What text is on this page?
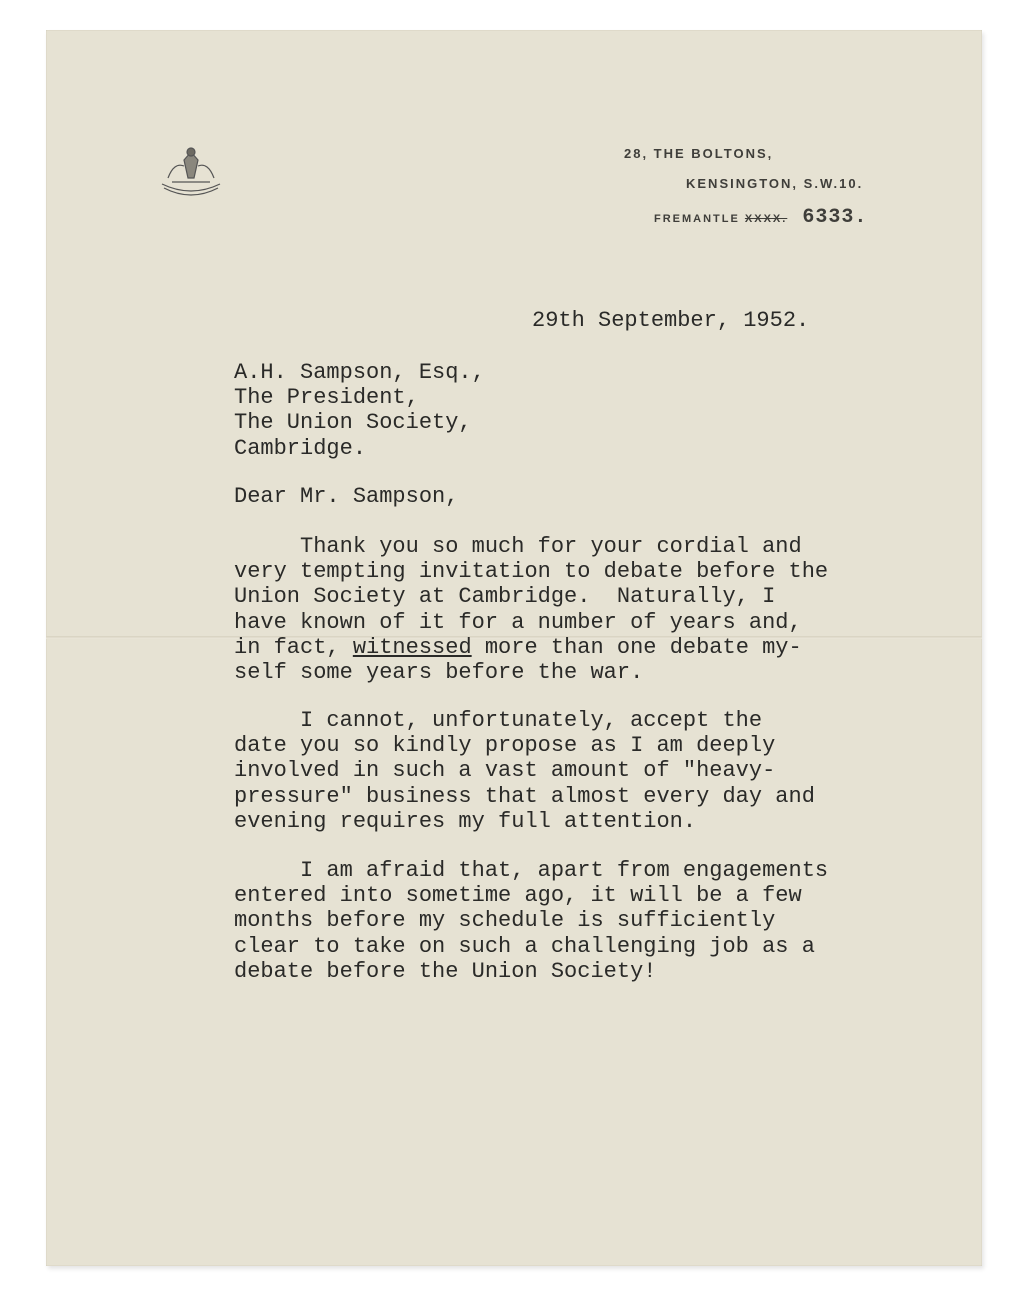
28, THE BOLTONS,
KENSINGTON, S.W.10.
FREMANTLE XXXX. 6333.
29th September, 1952.
A.H. Sampson, Esq.,
The President,
The Union Society,
Cambridge.
Dear Mr. Sampson,
Thank you so much for your cordial and
very tempting invitation to debate before the
Union Society at Cambridge.  Naturally, I
have known of it for a number of years and,
in fact, witnessed more than one debate my-
self some years before the war.
I cannot, unfortunately, accept the
date you so kindly propose as I am deeply
involved in such a vast amount of "heavy-
pressure" business that almost every day and
evening requires my full attention.
I am afraid that, apart from engagements
entered into sometime ago, it will be a few
months before my schedule is sufficiently
clear to take on such a challenging job as a
debate before the Union Society!
